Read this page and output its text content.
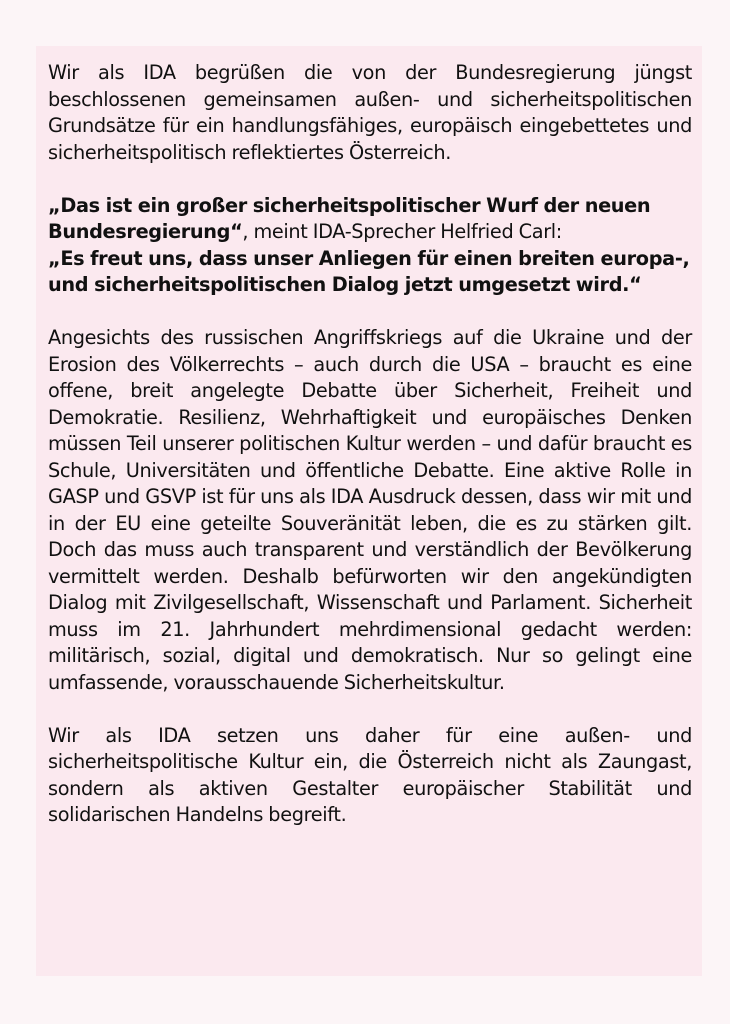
Wir als IDA begrüßen die von der Bundesregierung jüngst beschlossenen gemeinsamen außen- und sicherheitspolitischen Grundsätze für ein handlungsfähiges, europäisch eingebettetes und sicherheitspolitisch reflektiertes Österreich.

„Das ist ein großer sicherheitspolitischer Wurf der neuen Bundesregierung“, meint IDA-Sprecher Helfried Carl:
„Es freut uns, dass unser Anliegen für einen breiten europa-, und sicherheitspolitischen Dialog jetzt umgesetzt wird.“

Angesichts des russischen Angriffskriegs auf die Ukraine und der Erosion des Völkerrechts – auch durch die USA – braucht es eine offene, breit angelegte Debatte über Sicherheit, Freiheit und Demokratie. Resilienz, Wehrhaftigkeit und europäisches Denken müssen Teil unserer politischen Kultur werden – und dafür braucht es Schule, Universitäten und öffentliche Debatte. Eine aktive Rolle in GASP und GSVP ist für uns als IDA Ausdruck dessen, dass wir mit und in der EU eine geteilte Souveränität leben, die es zu stärken gilt. Doch das muss auch transparent und verständlich der Bevölkerung vermittelt werden. Deshalb befürworten wir den angekündigten Dialog mit Zivilgesellschaft, Wissenschaft und Parlament. Sicherheit muss im 21. Jahrhundert mehrdimensional gedacht werden: militärisch, sozial, digital und demokratisch. Nur so gelingt eine umfassende, vorausschauende Sicherheitskultur.

Wir als IDA setzen uns daher für eine außen- und sicherheitspolitische Kultur ein, die Österreich nicht als Zaungast, sondern als aktiven Gestalter europäischer Stabilität und solidarischen Handelns begreift.
